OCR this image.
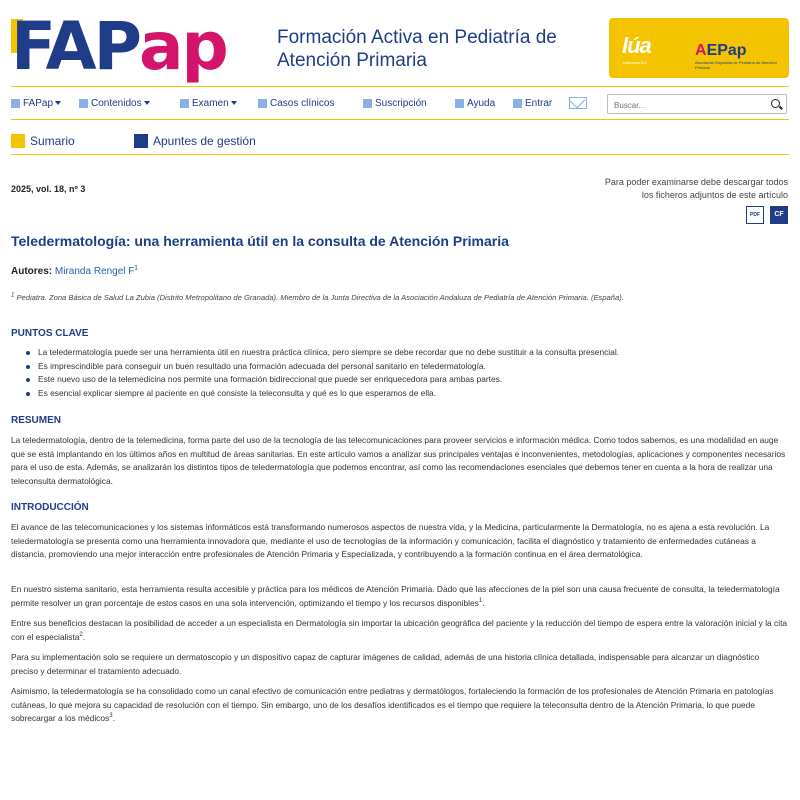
FAPap	Formación Activa en Pediatría de
Atención Primaria
lúa
ediciones 5.0
AEPap
Asociación Española de Pediatría de Atención Primaria
FAPap	Contenidos	Examen	Casos clínicos	Suscripción	Ayuda	Entrar
Buscar...
Sumario	Apuntes de gestión
2025, vol. 18, nº 3
Para poder examinarse debe descargar todos los ficheros adjuntos de este artículo
PDF	CF
Teledermatología: una herramienta útil en la consulta de Atención Primaria
Autores: Miranda Rengel $F^1$
$^1$ Pediatra. Zona Básica de Salud La Zubia (Distrito Metropolitano de Granada). Miembro de la Junta Directiva de la Asociación Andaluza de Pediatría de Atención Primaria. (España).
PUNTOS CLAVE
La teledermatología puede ser una herramienta útil en nuestra práctica clínica, pero siempre se debe recordar que no debe sustituir a la consulta presencial.
Es imprescindible para conseguir un buen resultado una formación adecuada del personal sanitario en teledermatología.
Este nuevo uso de la telemedicina nos permite una formación bidireccional que puede ser enriquecedora para ambas partes.
Es esencial explicar siempre al paciente en qué consiste la teleconsulta y qué es lo que esperamos de ella.
RESUMEN
La teledermatología, dentro de la telemedicina, forma parte del uso de la tecnología de las telecomunicaciones para proveer servicios e información médica. Como todos sabemos, es una modalidad en auge que se está implantando en los últimos años en multitud de áreas sanitarias. En este artículo vamos a analizar sus principales ventajas e inconvenientes, metodologías, aplicaciones y componentes necesarios para el uso de esta. Además, se analizarán los distintos tipos de teledermatología que podemos encontrar, así como las recomendaciones esenciales que debemos tener en cuenta a la hora de realizar una teleconsulta dermatológica.
INTRODUCCIÓN
El avance de las telecomunicaciones y los sistemas informáticos está transformando numerosos aspectos de nuestra vida, y la Medicina, particularmente la Dermatología, no es ajena a esta revolución. La teledermatología se presenta como una herramienta innovadora que, mediante el uso de tecnologías de la información y comunicación, facilita el diagnóstico y tratamiento de enfermedades cutáneas a distancia, promoviendo una mejor interacción entre profesionales de Atención Primaria y Especializada, y contribuyendo a la formación continua en el área dermatológica.
En nuestro sistema sanitario, esta herramienta resulta accesible y práctica para los médicos de Atención Primaria. Dado que las afecciones de la piel son una causa frecuente de consulta, la teledermatología permite resolver un gran porcentaje de estos casos en una sola intervención, optimizando el tiempo y los recursos disponibles$^1$.
Entre sus beneficios destacan la posibilidad de acceder a un especialista en Dermatología sin importar la ubicación geográfica del paciente y la reducción del tiempo de espera entre la valoración inicial y la cita con el especialista$^2$.
Para su implementación solo se requiere un dermatoscopio y un dispositivo capaz de capturar imágenes de calidad, además de una historia clínica detallada, indispensable para alcanzar un diagnóstico preciso y determinar el tratamiento adecuado.
Asimismo, la teledermatología se ha consolidado como un canal efectivo de comunicación entre pediatras y dermatólogos, fortaleciendo la formación de los profesionales de Atención Primaria en patologías cutáneas, lo que mejora su capacidad de resolución con el tiempo. Sin embargo, uno de los desafíos identificados es el tiempo que requiere la teleconsulta dentro de la Atención Primaria, lo que puede sobrecargar a los médicos$^3$.
